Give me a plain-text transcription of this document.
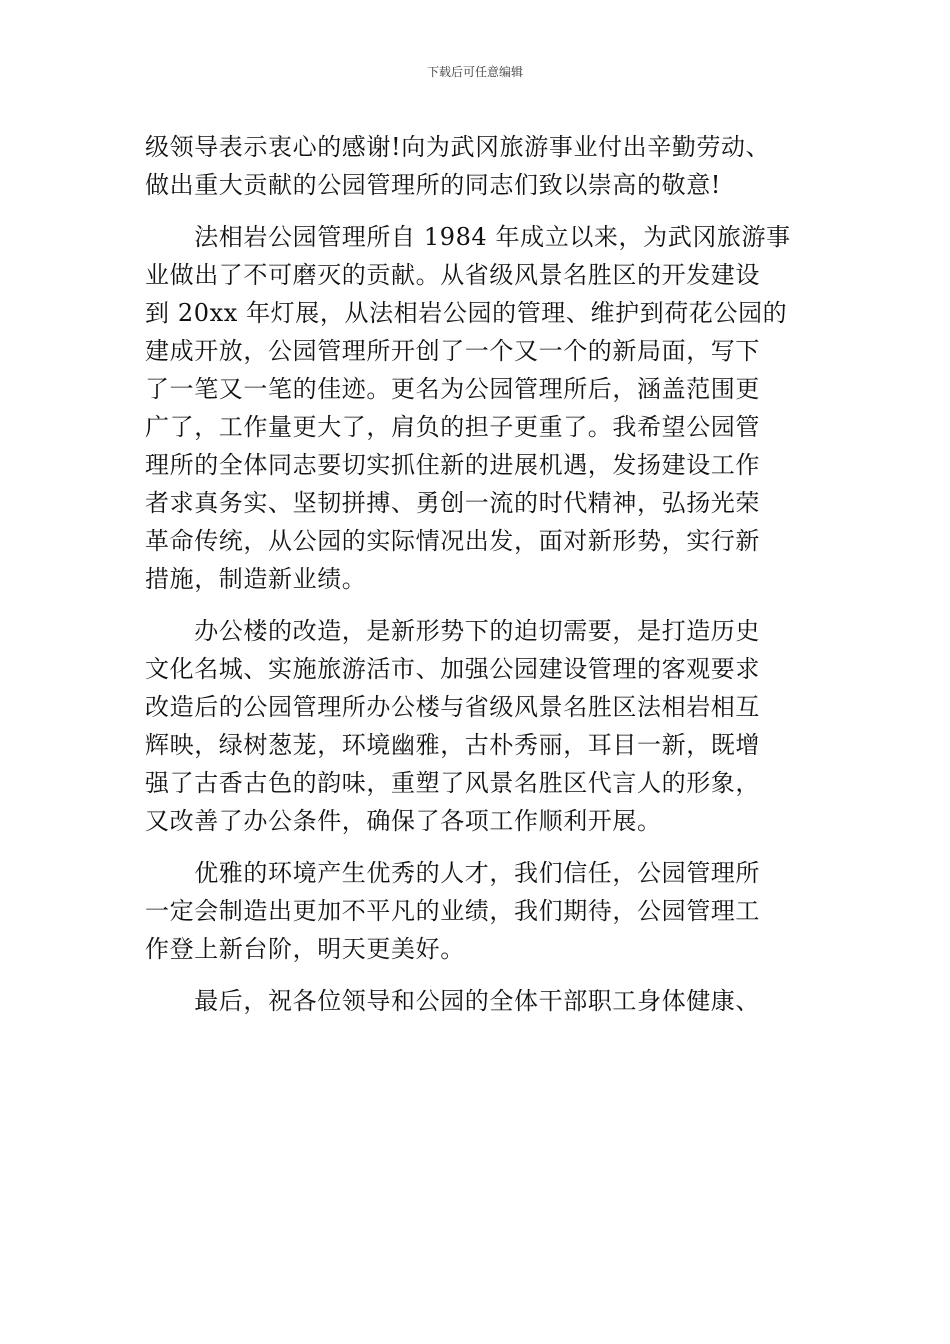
下载后可任意编辑
级领导表示衷心的感谢!向为武冈旅游事业付出辛勤劳动、
做出重大贡献的公园管理所的同志们致以崇高的敬意!
　　法相岩公园管理所自 1984 年成立以来，为武冈旅游事
业做出了不可磨灭的贡献。从省级风景名胜区的开发建设
到 20xx 年灯展，从法相岩公园的管理、维护到荷花公园的
建成开放，公园管理所开创了一个又一个的新局面，写下
了一笔又一笔的佳迹。更名为公园管理所后，涵盖范围更
广了，工作量更大了，肩负的担子更重了。我希望公园管
理所的全体同志要切实抓住新的进展机遇，发扬建设工作
者求真务实、坚韧拼搏、勇创一流的时代精神，弘扬光荣
革命传统，从公园的实际情况出发，面对新形势，实行新
措施，制造新业绩。
　　办公楼的改造，是新形势下的迫切需要，是打造历史
文化名城、实施旅游活市、加强公园建设管理的客观要求
改造后的公园管理所办公楼与省级风景名胜区法相岩相互
辉映，绿树葱茏，环境幽雅，古朴秀丽，耳目一新，既增
强了古香古色的韵味，重塑了风景名胜区代言人的形象，
又改善了办公条件，确保了各项工作顺利开展。
　　优雅的环境产生优秀的人才，我们信任，公园管理所
一定会制造出更加不平凡的业绩，我们期待，公园管理工
作登上新台阶，明天更美好。
　　最后，祝各位领导和公园的全体干部职工身体健康、
